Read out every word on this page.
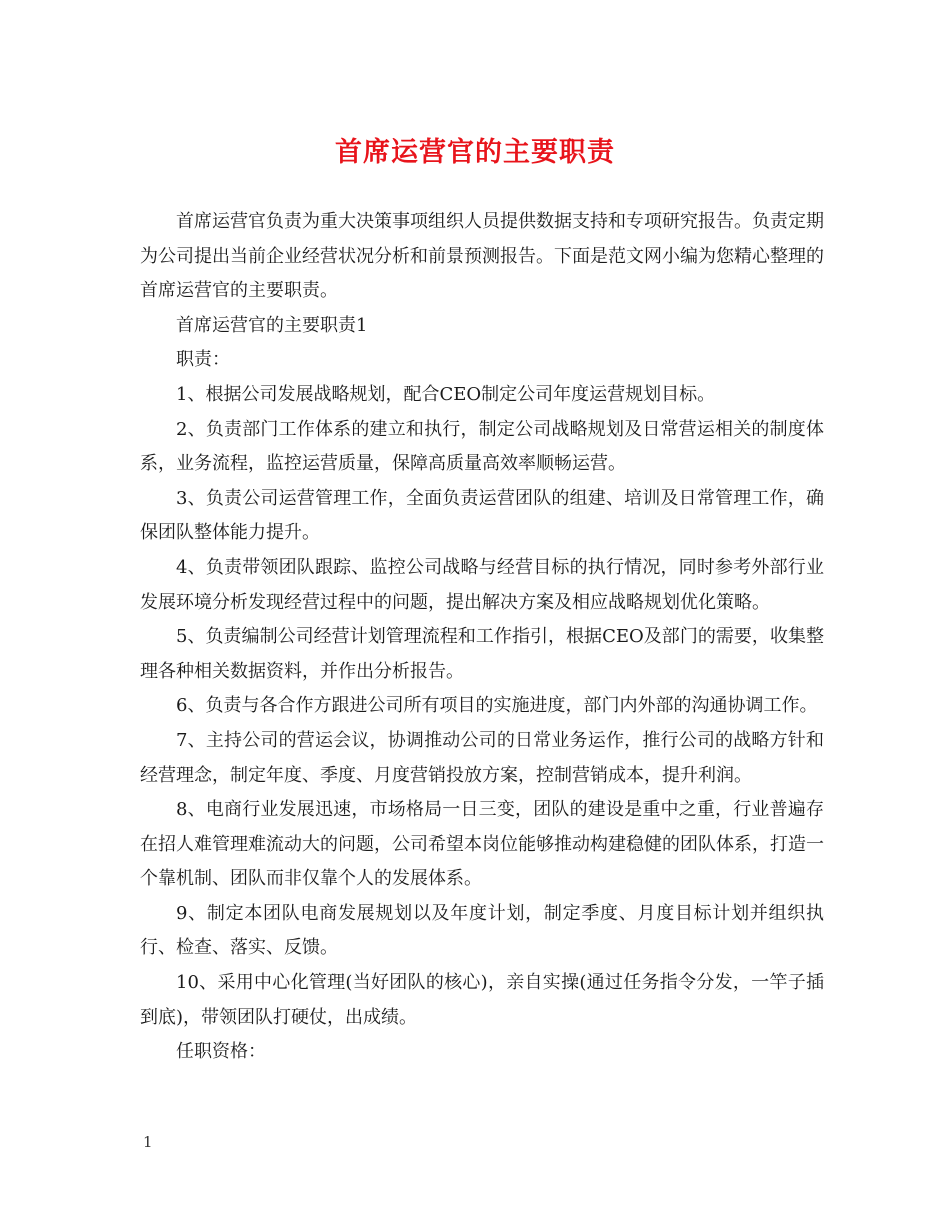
首席运营官的主要职责

首席运营官负责为重大决策事项组织人员提供数据支持和专项研究报告。负责定期为公司提出当前企业经营状况分析和前景预测报告。下面是范文网小编为您精心整理的首席运营官的主要职责。

首席运营官的主要职责1

职责：

1、根据公司发展战略规划，配合CEO制定公司年度运营规划目标。

2、负责部门工作体系的建立和执行，制定公司战略规划及日常营运相关的制度体系，业务流程，监控运营质量，保障高质量高效率顺畅运营。

3、负责公司运营管理工作，全面负责运营团队的组建、培训及日常管理工作，确保团队整体能力提升。

4、负责带领团队跟踪、监控公司战略与经营目标的执行情况，同时参考外部行业发展环境分析发现经营过程中的问题，提出解决方案及相应战略规划优化策略。

5、负责编制公司经营计划管理流程和工作指引，根据CEO及部门的需要，收集整理各种相关数据资料，并作出分析报告。

6、负责与各合作方跟进公司所有项目的实施进度，部门内外部的沟通协调工作。

7、主持公司的营运会议，协调推动公司的日常业务运作，推行公司的战略方针和经营理念，制定年度、季度、月度营销投放方案，控制营销成本，提升利润。

8、电商行业发展迅速，市场格局一日三变，团队的建设是重中之重，行业普遍存在招人难管理难流动大的问题，公司希望本岗位能够推动构建稳健的团队体系，打造一个靠机制、团队而非仅靠个人的发展体系。

9、制定本团队电商发展规划以及年度计划，制定季度、月度目标计划并组织执行、检查、落实、反馈。

10、采用中心化管理(当好团队的核心)，亲自实操(通过任务指令分发，一竿子插到底)，带领团队打硬仗，出成绩。

任职资格：

1
